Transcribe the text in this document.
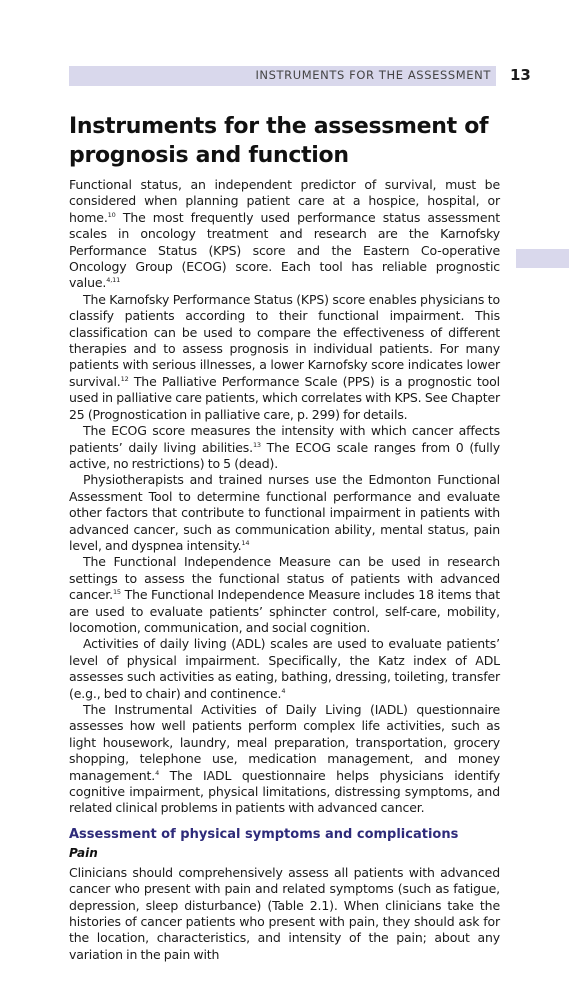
INSTRUMENTS FOR THE ASSESSMENT 13
Instruments for the assessment of prognosis and function

Functional status, an independent predictor of survival, must be considered when planning patient care at a hospice, hospital, or home.$^{10}$ The most frequently used performance status assessment scales in oncology treatment and research are the Karnofsky Performance Status (KPS) score and the Eastern Co-operative Oncology Group (ECOG) score. Each tool has reliable prognostic value.$^{4,11}$

The Karnofsky Performance Status (KPS) score enables physicians to classify patients according to their functional impairment. This classification can be used to compare the effectiveness of different therapies and to assess prognosis in individual patients. For many patients with serious illnesses, a lower Karnofsky score indicates lower survival.$^{12}$ The Palliative Performance Scale (PPS) is a prognostic tool used in palliative care patients, which correlates with KPS. See Chapter 25 (Prognostication in palliative care, p. 299) for details.

The ECOG score measures the intensity with which cancer affects patients’ daily living abilities.$^{13}$ The ECOG scale ranges from 0 (fully active, no restrictions) to 5 (dead).

Physiotherapists and trained nurses use the Edmonton Functional Assessment Tool to determine functional performance and evaluate other factors that contribute to functional impairment in patients with advanced cancer, such as communication ability, mental status, pain level, and dyspnea intensity.$^{14}$

The Functional Independence Measure can be used in research settings to assess the functional status of patients with advanced cancer.$^{15}$ The Functional Independence Measure includes 18 items that are used to evaluate patients’ sphincter control, self-care, mobility, locomotion, communication, and social cognition.

Activities of daily living (ADL) scales are used to evaluate patients’ level of physical impairment. Specifically, the Katz index of ADL assesses such activities as eating, bathing, dressing, toileting, transfer (e.g., bed to chair) and continence.$^4$

The Instrumental Activities of Daily Living (IADL) questionnaire assesses how well patients perform complex life activities, such as light housework, laundry, meal preparation, transportation, grocery shopping, telephone use, medication management, and money management.$^4$ The IADL questionnaire helps physicians identify cognitive impairment, physical limitations, distressing symptoms, and related clinical problems in patients with advanced cancer.

Assessment of physical symptoms and complications
Pain

Clinicians should comprehensively assess all patients with advanced cancer who present with pain and related symptoms (such as fatigue, depression, sleep disturbance) (Table 2.1). When clinicians take the histories of cancer patients who present with pain, they should ask for the location, characteristics, and intensity of the pain; about any variation in the pain with
